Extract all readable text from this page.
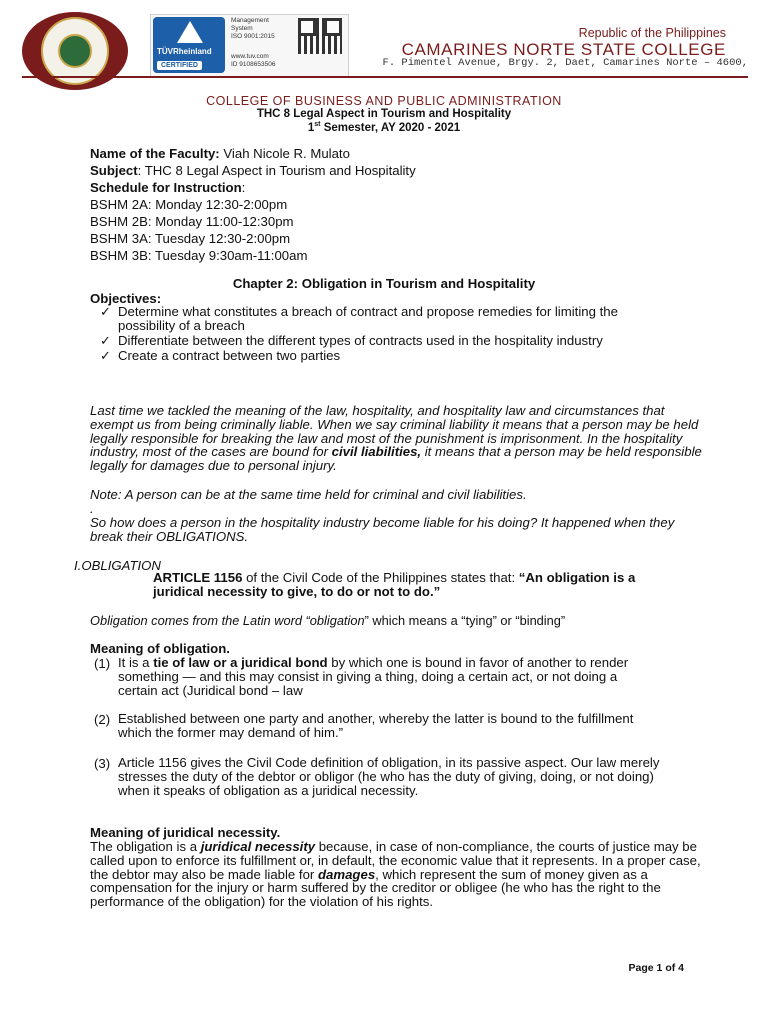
TÜVRheinland
CERTIFIED
Management
System
ISO 9001:2015
www.tuv.com
ID 9108653506
Republic of the Philippines
CAMARINES NORTE STATE COLLEGE
F. Pimentel Avenue, Brgy. 2, Daet, Camarines Norte – 4600,
COLLEGE OF BUSINESS AND PUBLIC ADMINISTRATION
THC 8 Legal Aspect in Tourism and Hospitality
1st Semester, AY 2020 - 2021
Name of the Faculty: Viah Nicole R. Mulato
Subject: THC 8 Legal Aspect in Tourism and Hospitality
Schedule for Instruction:
BSHM 2A: Monday 12:30-2:00pm
BSHM 2B: Monday 11:00-12:30pm
BSHM 3A: Tuesday 12:30-2:00pm
BSHM 3B: Tuesday 9:30am-11:00am
Chapter 2: Obligation in Tourism and Hospitality
Objectives:
✓ Determine what constitutes a breach of contract and propose remedies for limiting the possibility of a breach
✓ Differentiate between the different types of contracts used in the hospitality industry
✓ Create a contract between two parties
Last time we tackled the meaning of the law, hospitality, and hospitality law and circumstances that exempt us from being criminally liable. When we say criminal liability it means that a person may be held legally responsible for breaking the law and most of the punishment is imprisonment. In the hospitality industry, most of the cases are bound for civil liabilities, it means that a person may be held responsible legally for damages due to personal injury.
Note: A person can be at the same time held for criminal and civil liabilities.
.
So how does a person in the hospitality industry become liable for his doing? It happened when they break their OBLIGATIONS.
I.OBLIGATION
ARTICLE 1156 of the Civil Code of the Philippines states that: “An obligation is a juridical necessity to give, to do or not to do.”
Obligation comes from the Latin word “obligation” which means a “tying” or “binding”
Meaning of obligation.
(1) It is a tie of law or a juridical bond by which one is bound in favor of another to render something — and this may consist in giving a thing, doing a certain act, or not doing a certain act (Juridical bond – law
(2) Established between one party and another, whereby the latter is bound to the fulfillment which the former may demand of him.”
(3) Article 1156 gives the Civil Code definition of obligation, in its passive aspect. Our law merely stresses the duty of the debtor or obligor (he who has the duty of giving, doing, or not doing) when it speaks of obligation as a juridical necessity.
Meaning of juridical necessity.
The obligation is a juridical necessity because, in case of non-compliance, the courts of justice may be called upon to enforce its fulfillment or, in default, the economic value that it represents. In a proper case, the debtor may also be made liable for damages, which represent the sum of money given as a compensation for the injury or harm suffered by the creditor or obligee (he who has the right to the performance of the obligation) for the violation of his rights.
Page 1 of 4
